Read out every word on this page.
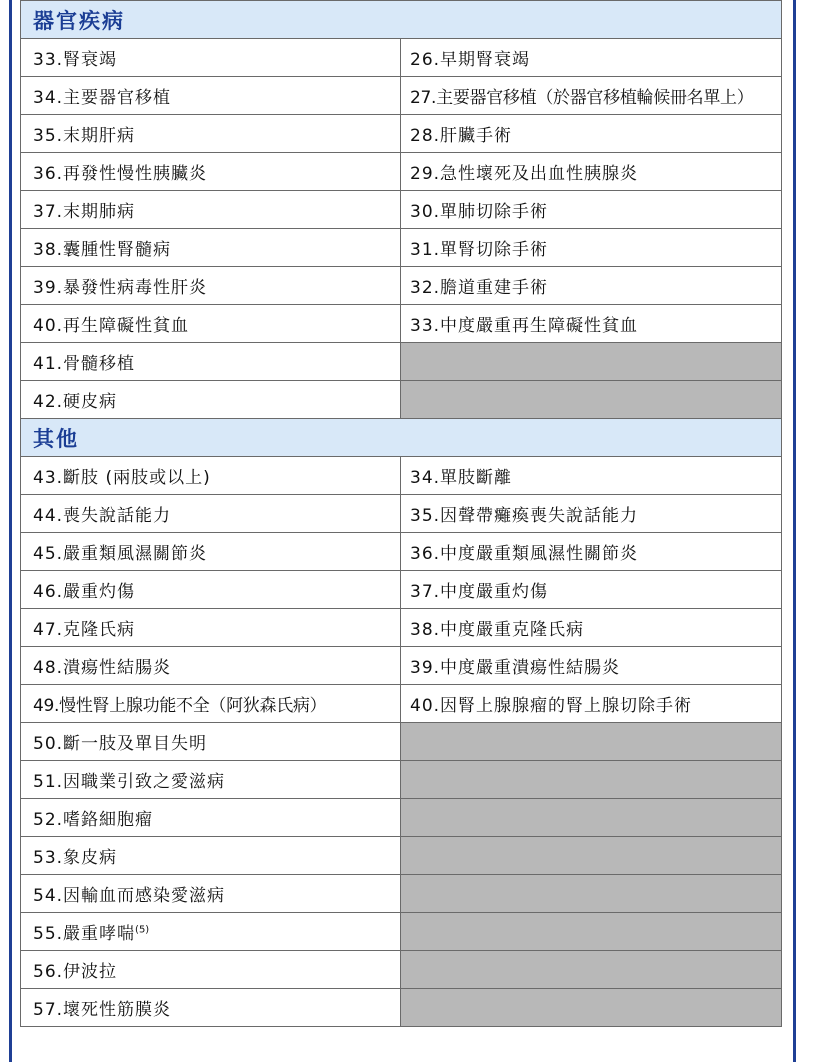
器官疾病	
33.腎衰竭	26.早期腎衰竭
34.主要器官移植	27.主要器官移植（於器官移植輪候冊名單上）
35.末期肝病	28.肝臟手術
36.再發性慢性胰臟炎	29.急性壞死及出血性胰腺炎
37.末期肺病	30.單肺切除手術
38.囊腫性腎髓病	31.單腎切除手術
39.暴發性病毒性肝炎	32.膽道重建手術
40.再生障礙性貧血	33.中度嚴重再生障礙性貧血
41.骨髓移植	
42.硬皮病	
其他	
43.斷肢 (兩肢或以上)	34.單肢斷離
44.喪失說話能力	35.因聲帶癱瘓喪失說話能力
45.嚴重類風濕關節炎	36.中度嚴重類風濕性關節炎
46.嚴重灼傷	37.中度嚴重灼傷
47.克隆氏病	38.中度嚴重克隆氏病
48.潰瘍性結腸炎	39.中度嚴重潰瘍性結腸炎
49.慢性腎上腺功能不全（阿狄森氏病）	40.因腎上腺腺瘤的腎上腺切除手術
50.斷一肢及單目失明	
51.因職業引致之愛滋病	
52.嗜鉻細胞瘤	
53.象皮病	
54.因輸血而感染愛滋病	
55.嚴重哮喘$^{(5)}$	
56.伊波拉	
57.壞死性筋膜炎	
